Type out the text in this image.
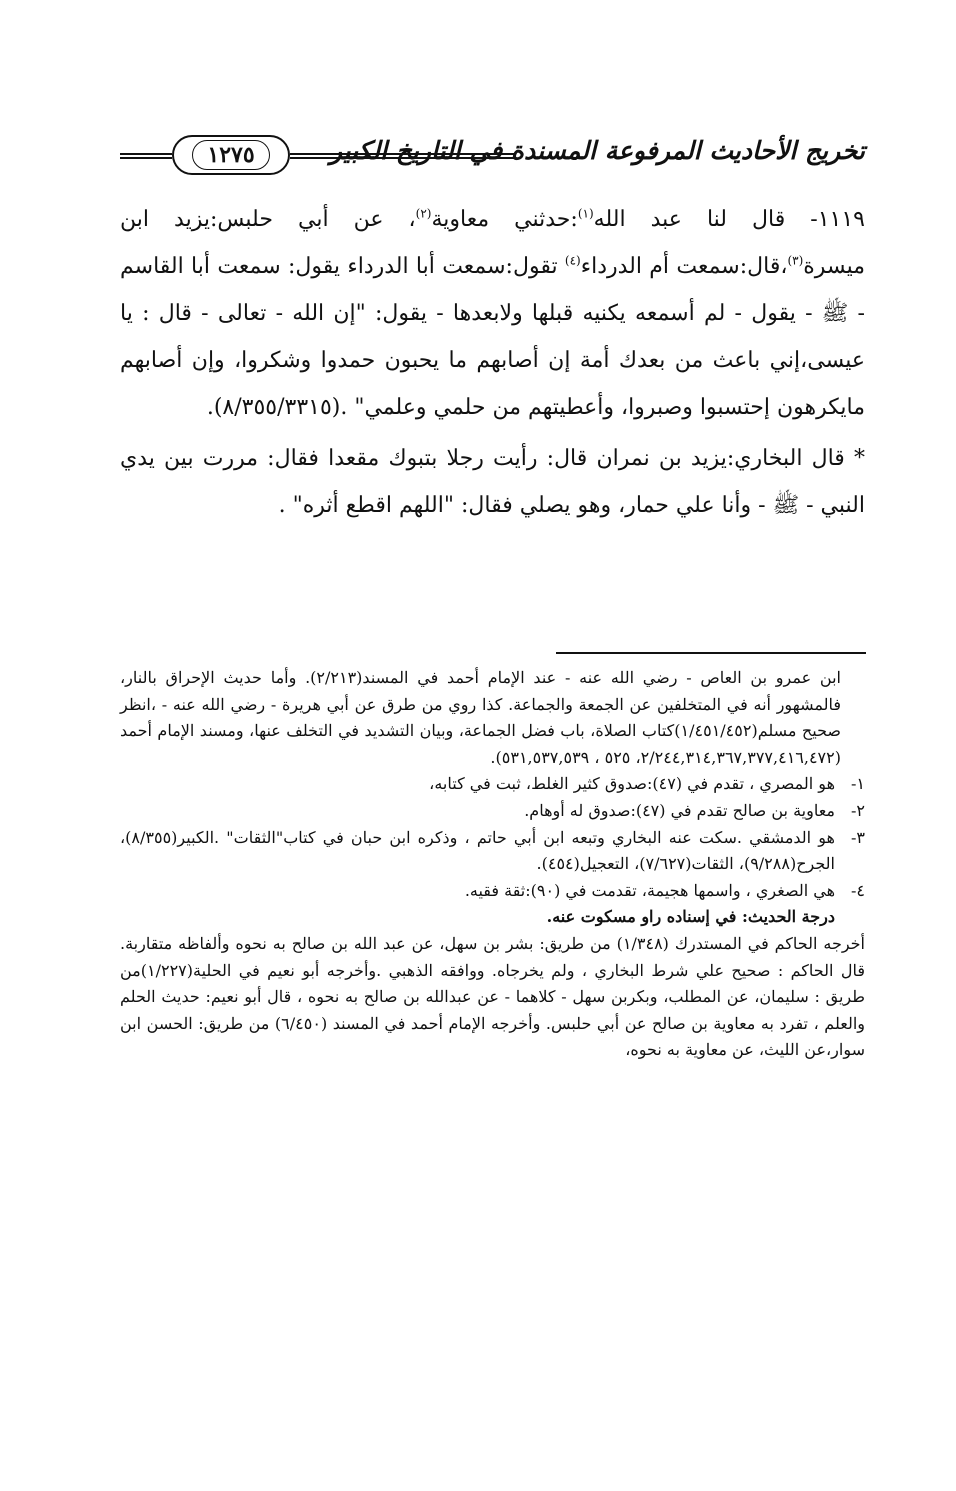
تخريج الأحاديث المرفوعة المسندة في التاريخ الكبير
١٢٧٥

١١١٩- قال لنا عبد الله$^{(١)}$:حدثني معاوية$^{(٢)}$، عن أبي حلبس:يزيد ابن ميسرة$^{(٣)}$،قال:سمعت أم الدرداء$^{(٤)}$ تقول:سمعت أبا الدرداء يقول: سمعت أبا القاسم - ﷺ - يقول - لم أسمعه يكنيه قبلها ولابعدها - يقول: "إن الله - تعالى - قال : يا عيسى،إني باعث من بعدك أمة إن أصابهم ما يحبون حمدوا وشكروا، وإن أصابهم مايكرهون إحتسبوا وصبروا، وأعطيتهم من حلمي وعلمي" .(٨/٣٥٥/٣٣١٥).

* قال البخاري:يزيد بن نمران قال: رأيت رجلا بتبوك مقعدا فقال: مررت بين يدي النبي - ﷺ - وأنا علي حمار، وهو يصلي فقال: "اللهم اقطع أثره" .

ابن عمرو بن العاص - رضي الله عنه - عند الإمام أحمد في المسند(٢/٢١٣). وأما حديث الإحراق بالنار، فالمشهور أنه في المتخلفين عن الجمعة والجماعة. كذا روي من طرق عن أبي هريرة - رضي الله عنه - ،انظر صحيح مسلم(١/٤٥١/٤٥٢)كتاب الصلاة، باب فضل الجماعة، وبيان التشديد في التخلف عنها، ومسند الإمام أحمد (٢/٢٤٤,٣١٤,٣٦٧,٣٧٧,٤١٦,٤٧٢، ٥٢٥ ، ٥٣١,٥٣٧,٥٣٩).

١-
هو المصري ، تقدم في (٤٧):صدوق كثير الغلط، ثبت في كتابه،
٢-
معاوية بن صالح تقدم في (٤٧):صدوق له أوهام.
٣-
هو الدمشقي .سكت عنه البخاري وتبعه ابن أبي حاتم ، وذكره ابن حبان في كتاب"الثقات" .الكبير(٨/٣٥٥)، الجرح(٩/٢٨٨)، الثقات(٧/٦٢٧)، التعجيل(٤٥٤).
٤-
هي الصغري ، واسمها هجيمة، تقدمت في (٩٠):ثقة فقيه.

درجة الحديث: في إسناده راو مسكوت عنه.

أخرجه الحاكم في المستدرك (١/٣٤٨) من طريق: بشر بن سهل، عن عبد الله بن صالح به نحوه وألفاظه متقاربة. قال الحاكم : صحيح علي شرط البخاري ، ولم يخرجاه. ووافقه الذهبي .وأخرجه أبو نعيم في الحلية(١/٢٢٧)من طريق : سليمان، عن المطلب، وبكربن سهل - كلاهما - عن عبدالله بن صالح به نحوه ، قال أبو نعيم: حديث الحلم والعلم ، تفرد به معاوية بن صالح عن أبي حلبس. وأخرجه الإمام أحمد في المسند (٦/٤٥٠) من طريق: الحسن ابن سوار،عن الليث، عن معاوية به نحوه،
